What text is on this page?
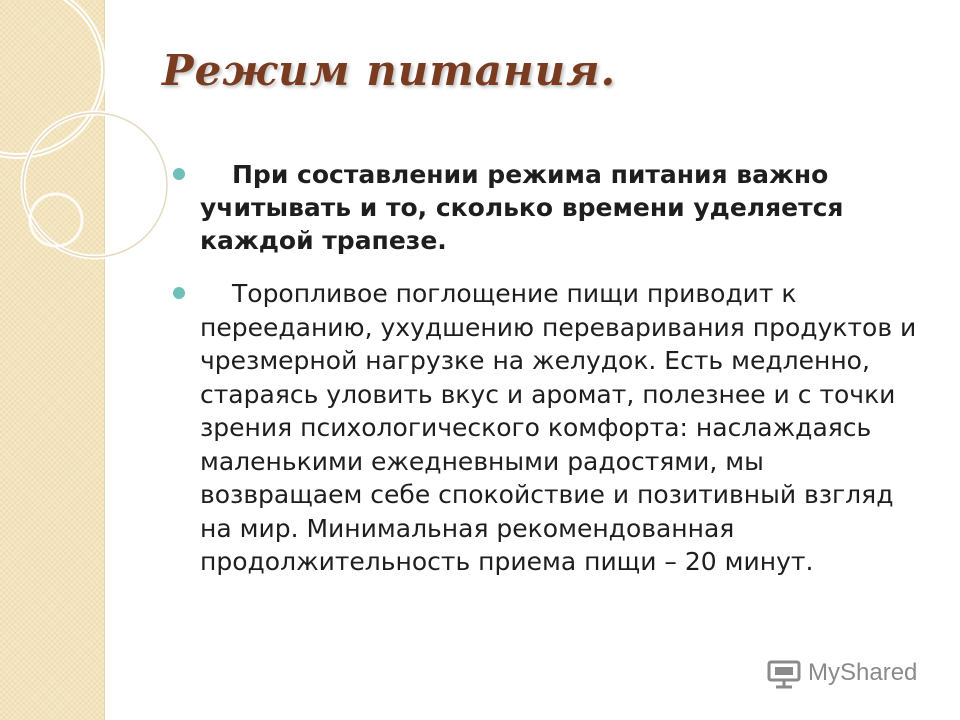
Режим питания.
При составлении режима питания важно учитывать и то, сколько времени уделяется каждой трапезе.
Торопливое поглощение пищи приводит к перееданию, ухудшению переваривания продуктов и чрезмерной нагрузке на желудок. Есть медленно, стараясь уловить вкус и аромат, полезнее и с точки зрения психологического комфорта: наслаждаясь маленькими ежедневными радостями, мы возвращаем себе спокойствие и позитивный взгляд на мир. Минимальная рекомендованная продолжительность приема пищи – 20 минут.
MyShared
